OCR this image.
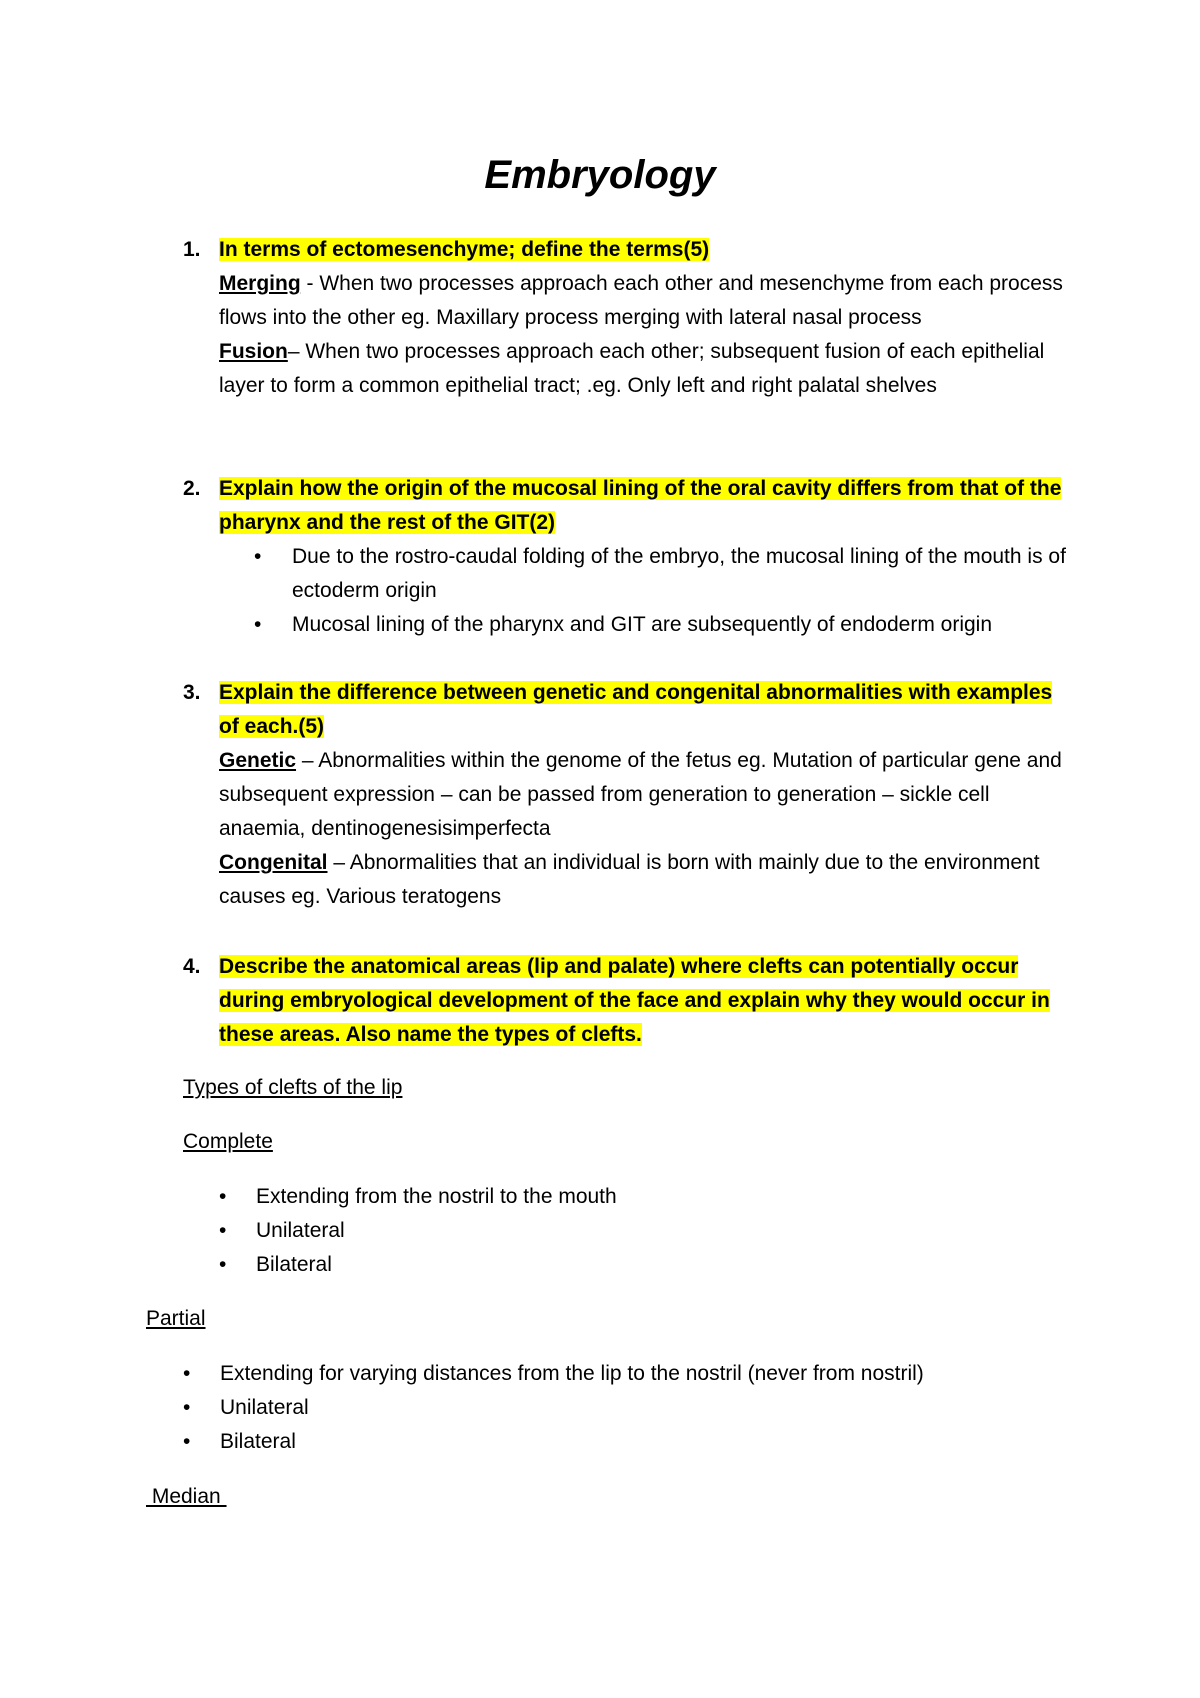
Embryology
1. In terms of ectomesenchyme; define the terms(5)
Merging - When two processes approach each other and mesenchyme from each process flows into the other eg. Maxillary process merging with lateral nasal process
Fusion– When two processes approach each other; subsequent fusion of each epithelial layer to form a common epithelial tract; .eg. Only left and right palatal shelves
2. Explain how the origin of the mucosal lining of the oral cavity differs from that of the pharynx and the rest of the GIT(2)
• Due to the rostro-caudal folding of the embryo, the mucosal lining of the mouth is of ectoderm origin
• Mucosal lining of the pharynx and GIT are subsequently of endoderm origin
3. Explain the difference between genetic and congenital abnormalities with examples of each.(5)
Genetic – Abnormalities within the genome of the fetus eg. Mutation of particular gene and subsequent expression – can be passed from generation to generation – sickle cell anaemia, dentinogenesisimperfecta
Congenital – Abnormalities that an individual is born with mainly due to the environment causes eg. Various teratogens
4. Describe the anatomical areas (lip and palate) where clefts can potentially occur during embryological development of the face and explain why they would occur in these areas. Also name the types of clefts.
Types of clefts of the lip
Complete
• Extending from the nostril to the mouth
• Unilateral
• Bilateral
Partial
• Extending for varying distances from the lip to the nostril (never from nostril)
• Unilateral
• Bilateral
Median
